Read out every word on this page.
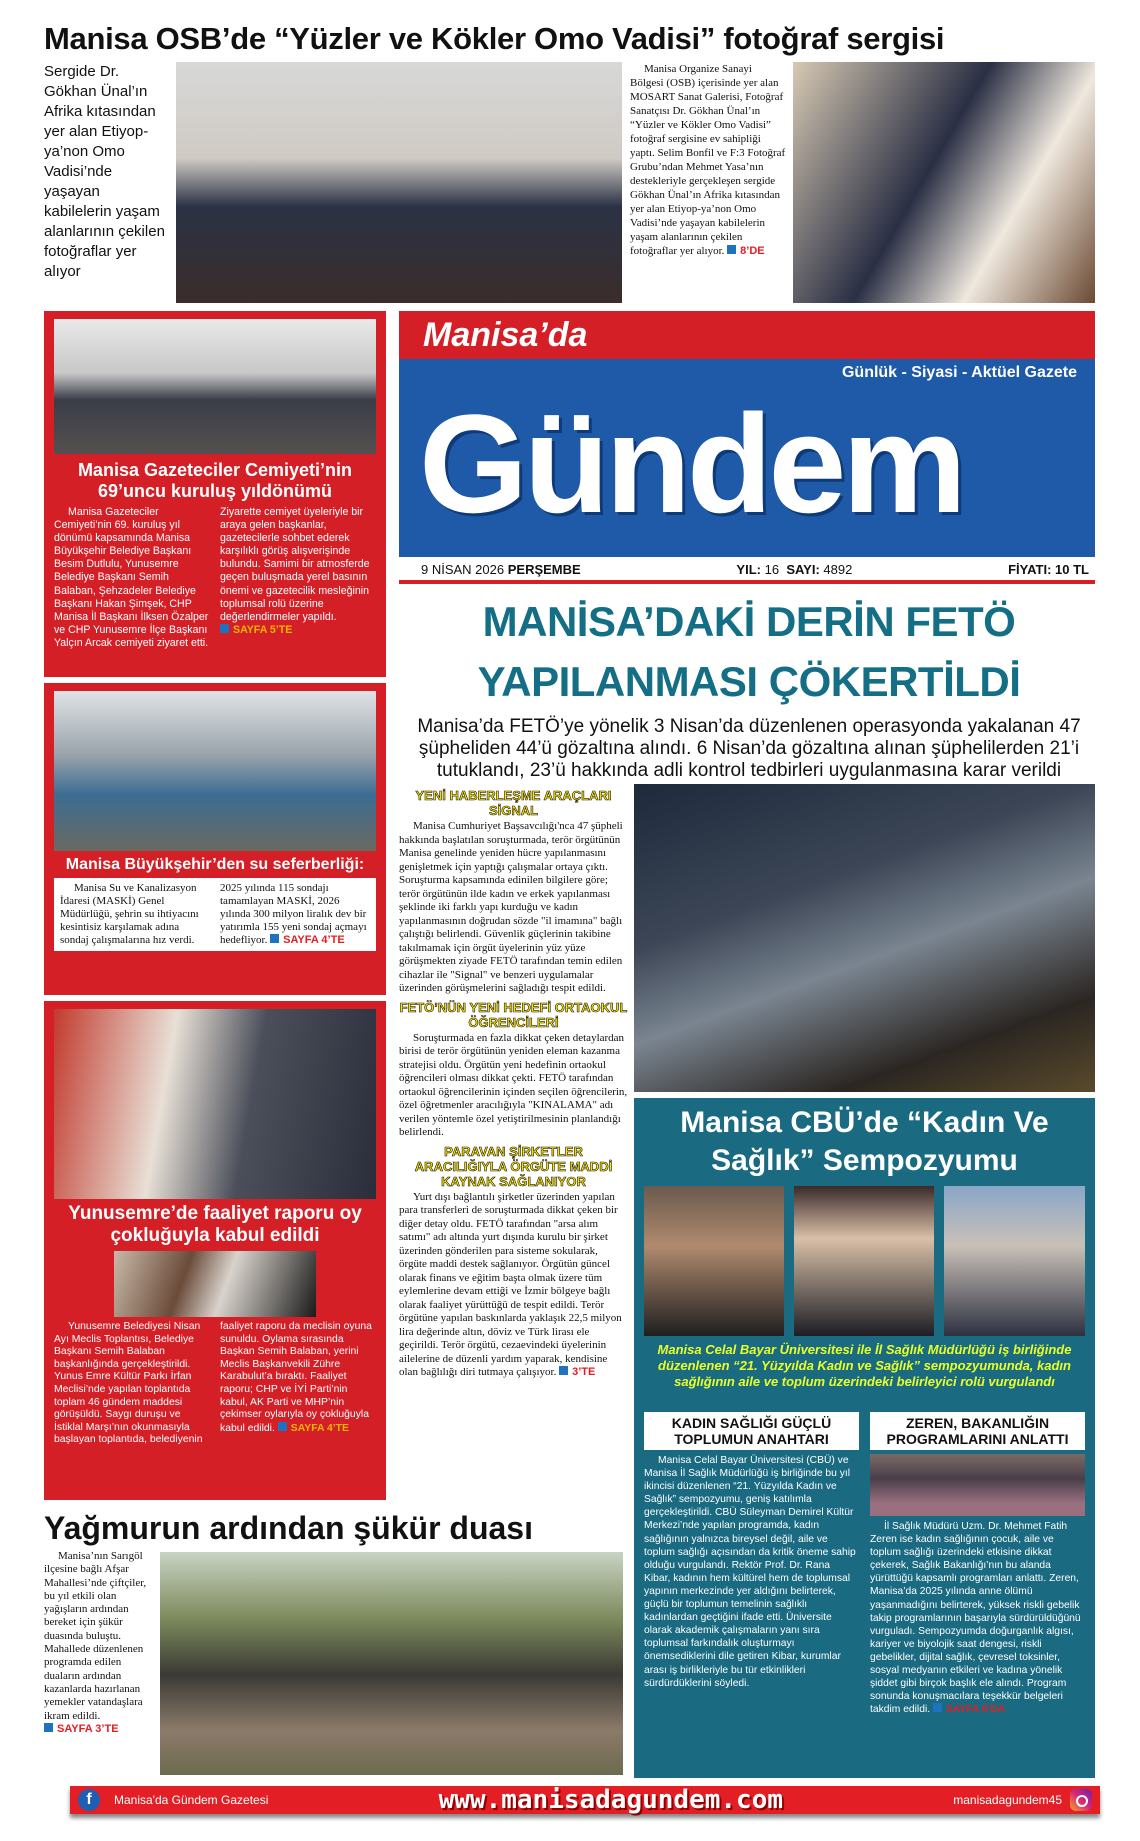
Manisa OSB’de “Yüzler ve Kökler Omo Vadisi” fotoğraf sergisi
Sergide Dr. Gökhan Ünal’ın Afrika kıtasından yer alan Etiyop-ya’non Omo Vadisi’nde yaşayan kabilelerin yaşam alanlarının çekilen fotoğraflar yer alıyor
Manisa Organize Sanayi Bölgesi (OSB) içerisinde yer alan MOSART Sanat Galerisi, Fotoğraf Sanatçısı Dr. Gökhan Ünal’ın “Yüzler ve Kökler Omo Vadisi” fotoğraf sergisine ev sahipliği yaptı. Selim Bonfil ve F:3 Fotoğraf Grubu’ndan Mehmet Yasa’nın destekleriyle gerçekleşen sergide Gökhan Ünal’ın Afrika kıtasından yer alan Etiyop-ya’non Omo Vadisi’nde yaşayan kabilelerin yaşam alanlarının çekilen fotoğraflar yer alıyor. 8’DE
Manisa Gazeteciler Cemiyeti’nin 69’uncu kuruluş yıldönümü
Manisa Gazeteciler Cemiyeti’nin 69. kuruluş yıl dönümü kapsamında Manisa Büyükşehir Belediye Başkanı Besim Dutlulu, Yunusemre Belediye Başkanı Semih Balaban, Şehzadeler Belediye Başkanı Hakan Şimşek, CHP Manisa İl Başkanı İlksen Özalper ve CHP Yunusemre İlçe Başkanı Yalçın Arcak cemiyeti ziyaret etti. Ziyarette cemiyet üyeleriyle bir araya gelen başkanlar, gazetecilerle sohbet ederek karşılıklı görüş alışverişinde bulundu. Samimi bir atmosferde geçen buluşmada yerel basının önemi ve gazetecilik mesleğinin toplumsal rolü üzerine değerlendirmeler yapıldı. SAYFA 5’TE
Manisa Büyükşehir’den su seferberliği:
Manisa Su ve Kanalizasyon İdaresi (MASKİ) Genel Müdürlüğü, şehrin su ihtiyacını kesintisiz karşılamak adına sondaj çalışmalarına hız verdi. 2025 yılında 115 sondajı tamamlayan MASKİ, 2026 yılında 300 milyon liralık dev bir yatırımla 155 yeni sondaj açmayı hedefliyor. SAYFA 4’TE
Yunusemre’de faaliyet raporu oy çokluğuyla kabul edildi
Yunusemre Belediyesi Nisan Ayı Meclis Toplantısı, Belediye Başkanı Semih Balaban başkanlığında gerçekleştirildi. Yunus Emre Kültür Parkı İrfan Meclisi’nde yapılan toplantıda toplam 46 gündem maddesi görüşüldü. Saygı duruşu ve İstiklal Marşı’nın okunmasıyla başlayan toplantıda, belediyenin faaliyet raporu da meclisin oyuna sunuldu. Oylama sırasında Başkan Semih Balaban, yerini Meclis Başkanvekili Zühre Karabulut’a bıraktı. Faaliyet raporu; CHP ve İYİ Parti’nin kabul, AK Parti ve MHP’nin çekimser oylarıyla oy çokluğuyla kabul edildi. SAYFA 4’TE
Manisa’da
Gündem
Günlük - Siyasi - Aktüel Gazete
9 NİSAN 2026 PERŞEMBE	YIL: 16 SAYI: 4892	FİYATI: 10 TL
MANİSA’DAKİ DERİN FETÖ YAPILANMASI ÇÖKERTİLDİ
Manisa’da FETÖ’ye yönelik 3 Nisan’da düzenlenen operasyonda yakalanan 47 şüpheliden 44’ü gözaltına alındı. 6 Nisan’da gözaltına alınan şüphelilerden 21’i tutuklandı, 23’ü hakkında adli kontrol tedbirleri uygulanmasına karar verildi
YENİ HABERLEŞME ARAÇLARI SİGNAL
Manisa Cumhuriyet Başsavcılığı'nca 47 şüpheli hakkında başlatılan soruşturmada, terör örgütünün Manisa genelinde yeniden hücre yapılanmasını genişletmek için yaptığı çalışmalar ortaya çıktı. Soruşturma kapsamında edinilen bilgilere göre; terör örgütünün ilde kadın ve erkek yapılanması şeklinde iki farklı yapı kurduğu ve kadın yapılanmasının doğrudan sözde "il imamına" bağlı çalıştığı belirlendi. Güvenlik güçlerinin takibine takılmamak için örgüt üyelerinin yüz yüze görüşmekten ziyade FETÖ tarafından temin edilen cihazlar ile "Signal" ve benzeri uygulamalar üzerinden görüşmelerini sağladığı tespit edildi.
FETÖ’NÜN YENİ HEDEFİ ORTAOKUL ÖĞRENCİLERİ
Soruşturmada en fazla dikkat çeken detaylardan birisi de terör örgütünün yeniden eleman kazanma stratejisi oldu. Örgütün yeni hedefinin ortaokul öğrencileri olması dikkat çekti. FETÖ tarafından ortaokul öğrencilerinin içinden seçilen öğrencilerin, özel öğretmenler aracılığıyla "KINALAMA" adı verilen yöntemle özel yetiştirilmesinin planlandığı belirlendi.
PARAVAN ŞİRKETLER ARACILIĞIYLA ÖRGÜTE MADDİ KAYNAK SAĞLANIYOR
Yurt dışı bağlantılı şirketler üzerinden yapılan para transferleri de soruşturmada dikkat çeken bir diğer detay oldu. FETÖ tarafından "arsa alım satımı" adı altında yurt dışında kurulu bir şirket üzerinden gönderilen para sisteme sokularak, örgüte maddi destek sağlanıyor. Örgütün güncel olarak finans ve eğitim başta olmak üzere tüm eylemlerine devam ettiği ve İzmir bölgeye bağlı olarak faaliyet yürüttüğü de tespit edildi. Terör örgütüne yapılan baskınlarda yaklaşık 22,5 milyon lira değerinde altın, döviz ve Türk lirası ele geçirildi. Terör örgütü, cezaevindeki üyelerinin ailelerine de düzenli yardım yaparak, kendisine olan bağlılığı diri tutmaya çalışıyor. 3’TE
Manisa CBÜ’de “Kadın Ve Sağlık” Sempozyumu
Manisa Celal Bayar Üniversitesi ile İl Sağlık Müdürlüğü iş birliğinde düzenlenen “21. Yüzyılda Kadın ve Sağlık” sempozyumunda, kadın sağlığının aile ve toplum üzerindeki belirleyici rolü vurgulandı
KADIN SAĞLIĞI GÜÇLÜ TOPLUMUN ANAHTARI
ZEREN, BAKANLIĞIN PROGRAMLARINI ANLATTI
Manisa Celal Bayar Üniversitesi (CBÜ) ve Manisa İl Sağlık Müdürlüğü iş birliğinde bu yıl ikincisi düzenlenen “21. Yüzyılda Kadın ve Sağlık” sempozyumu, geniş katılımla gerçekleştirildi. CBÜ Süleyman Demirel Kültür Merkezi’nde yapılan programda, kadın sağlığının yalnızca bireysel değil, aile ve toplum sağlığı açısından da kritik öneme sahip olduğu vurgulandı. Rektör Prof. Dr. Rana Kibar, kadının hem kültürel hem de toplumsal yapının merkezinde yer aldığını belirterek, güçlü bir toplumun temelinin sağlıklı kadınlardan geçtiğini ifade etti. Üniversite olarak akademik çalışmaların yanı sıra toplumsal farkındalık oluşturmayı önemsediklerini dile getiren Kibar, kurumlar arası iş birlikleriyle bu tür etkinlikleri sürdürdüklerini söyledi.
İl Sağlık Müdürü Uzm. Dr. Mehmet Fatih Zeren ise kadın sağlığının çocuk, aile ve toplum sağlığı üzerindeki etkisine dikkat çekerek, Sağlık Bakanlığı’nın bu alanda yürüttüğü kapsamlı programları anlattı. Zeren, Manisa’da 2025 yılında anne ölümü yaşanmadığını belirterek, yüksek riskli gebelik takip programlarının başarıyla sürdürüldüğünü vurguladı. Sempozyumda doğurganlık algısı, kariyer ve biyolojik saat dengesi, riskli gebelikler, dijital sağlık, çevresel toksinler, sosyal medyanın etkileri ve kadına yönelik şiddet gibi birçok başlık ele alındı. Program sonunda konuşmacılara teşekkür belgeleri takdim edildi. SAYFA 6’DA
Yağmurun ardından şükür duası
Manisa’nın Sarıgöl ilçesine bağlı Afşar Mahallesi’nde çiftçiler, bu yıl etkili olan yağışların ardından bereket için şükür duasında buluştu. Mahallede düzenlenen programda edilen duaların ardından kazanlarda hazırlanan yemekler vatandaşlara ikram edildi.
SAYFA 3’TE
f	Manisa'da Gündem Gazetesi	www.manisadagundem.com	manisadagundem45
